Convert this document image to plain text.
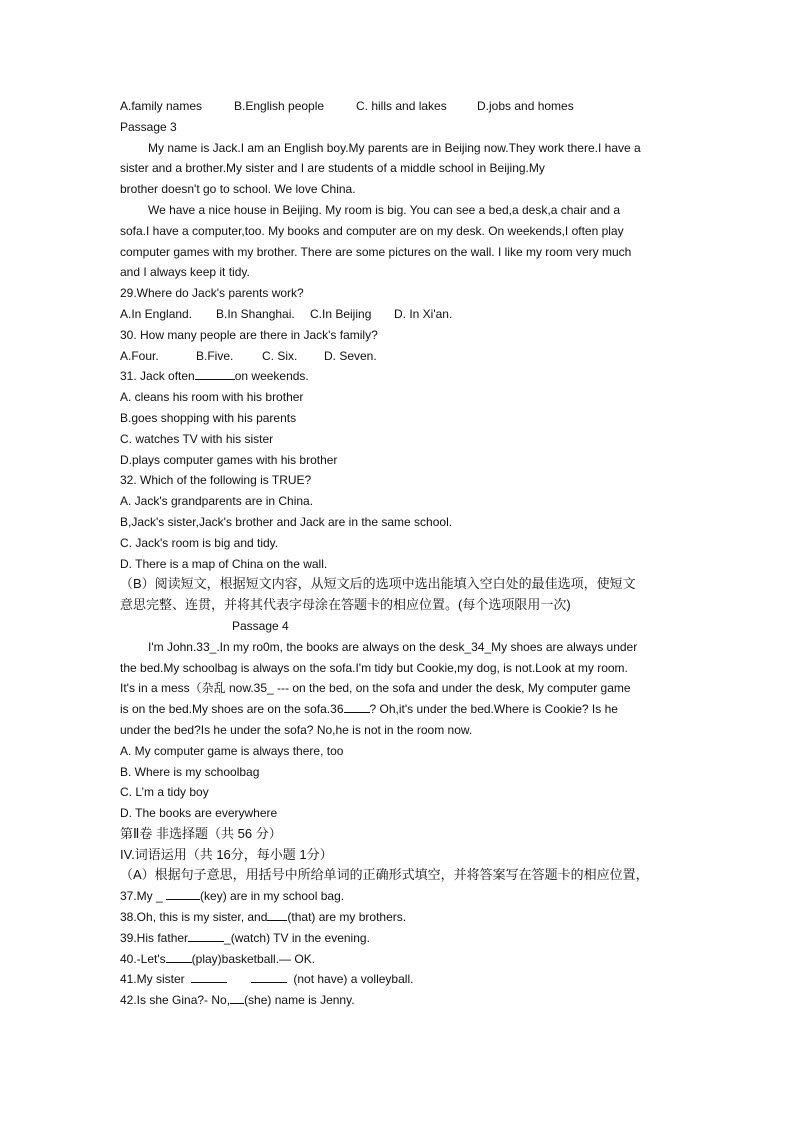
A.family names	B.English people	C. hills and lakes	D.jobs and homes
Passage 3
My name is Jack.I am an English boy.My parents are in Beijing now.They work there.I have a
sister and a brother.My sister and I are students of a middle school in Beijing.My
brother doesn't go to school. We love China.
We have a nice house in Beijing. My room is big. You can see a bed,a desk,a chair and a
sofa.I have a computer,too. My books and computer are on my desk. On weekends,I often play
computer games with my brother. There are some pictures on the wall. I like my room very much
and I always keep it tidy.
29.Where do Jack's parents work?
A.In England. B.In Shanghai. C.In Beijing D. In Xi'an.
30. How many people are there in Jack's family?
A.Four.	B.Five. C. Six. D. Seven.
31. Jack often	on weekends.
A. cleans his room with his brother
B.goes shopping with his parents
C. watches TV with his sister
D.plays computer games with his brother
32. Which of the following is TRUE?
A. Jack's grandparents are in China.
B,Jack's sister,Jack's brother and Jack are in the same school.
C. Jack's room is big and tidy.
D. There is a map of China on the wall.
（B）阅读短文，根据短文内容，从短文后的选项中选出能填入空白处的最佳选项，使短文
意思完整、连贯，并将其代表字母涂在答题卡的相应位置。(每个选项限用一次)
Passage 4
I'm John.33_.In my ro0m, the books are always on the desk_34_My shoes are always under
the bed.My schoolbag is always on the sofa.I'm tidy but Cookie,my dog, is not.Look at my room.
It's in a mess（杂乱 now.35_ --- on the bed, on the sofa and under the desk, My computer game
is on the bed.My shoes are on the sofa.36 ? Oh,it's under the bed.Where is Cookie? Is he
under the bed?Is he under the sofa? No,he is not in the room now.
A. My computer game is always there, too
B. Where is my schoolbag
C. L’m a tidy boy
D. The books are everywhere
第Ⅱ卷 非选择题（共 56 分）
IV.词语运用（共 16分，每小题 1分）
（A）根据句子意思，用括号中所给单词的正确形式填空，并将答案写在答题卡的相应位置，
37.My _	(key) are in my school bag.
38.Oh, this is my sister, and (that) are my brothers.
39.His father	_(watch) TV in the evening.
40.-Let's (play)basketball.— OK.
41.My sister	(not have) a volleyball.
42.Is she Gina?- No, (she) name is Jenny.
